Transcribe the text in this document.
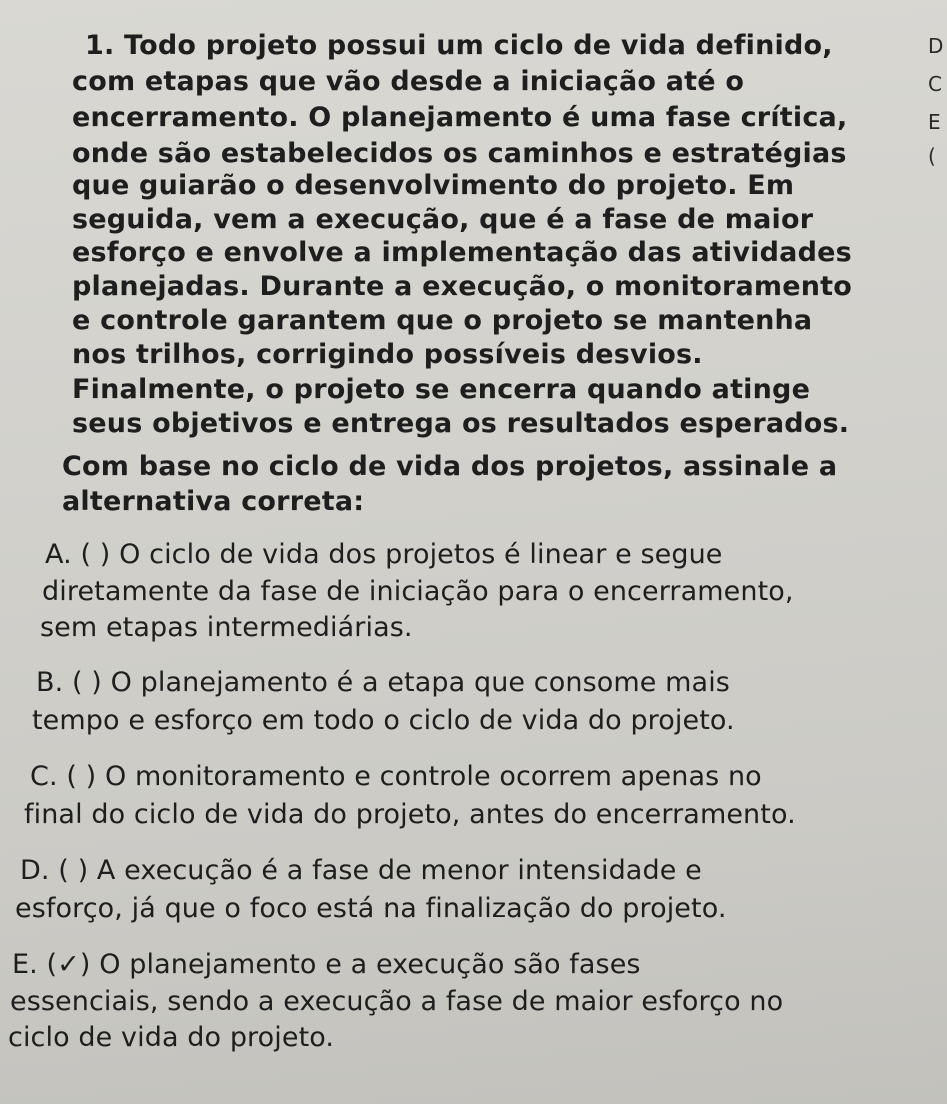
1. Todo projeto possui um ciclo de vida definido,
com etapas que vão desde a iniciação até o
encerramento. O planejamento é uma fase crítica,
onde são estabelecidos os caminhos e estratégias
que guiarão o desenvolvimento do projeto. Em
seguida, vem a execução, que é a fase de maior
esforço e envolve a implementação das atividades
planejadas. Durante a execução, o monitoramento
e controle garantem que o projeto se mantenha
nos trilhos, corrigindo possíveis desvios.
Finalmente, o projeto se encerra quando atinge
seus objetivos e entrega os resultados esperados.
Com base no ciclo de vida dos projetos, assinale a
alternativa correta:
A. ( ) O ciclo de vida dos projetos é linear e segue
diretamente da fase de iniciação para o encerramento,
sem etapas intermediárias.
B. ( ) O planejamento é a etapa que consome mais
tempo e esforço em todo o ciclo de vida do projeto.
C. ( ) O monitoramento e controle ocorrem apenas no
final do ciclo de vida do projeto, antes do encerramento.
D. ( ) A execução é a fase de menor intensidade e
esforço, já que o foco está na finalização do projeto.
E. (✓) O planejamento e a execução são fases
essenciais, sendo a execução a fase de maior esforço no
ciclo de vida do projeto.
D
C
E
(
